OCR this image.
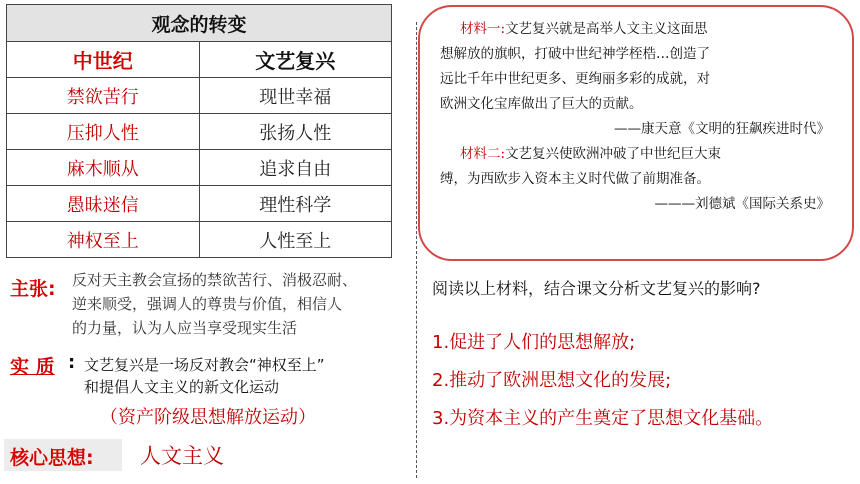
观念的转变	
中世纪	文艺复兴
禁欲苦行	现世幸福
压抑人性	张扬人性
麻木顺从	追求自由
愚昧迷信	理性科学
神权至上	人性至上
主张: 反对天主教会宣扬的禁欲苦行、消极忍耐、
逆来顺受，强调人的尊贵与价值，相信人
的力量，认为人应当享受现实生活
实 质 : 文艺复兴是一场反对教会“神权至上”
和提倡人文主义的新文化运动
（资产阶级思想解放运动）
核心思想: 人文主义
材料一:文艺复兴就是高举人文主义这面思
想解放的旗帜，打破中世纪神学桎梏…创造了
远比千年中世纪更多、更绚丽多彩的成就，对
欧洲文化宝库做出了巨大的贡献。
——康天意《文明的狂飙疾进时代》
材料二:文艺复兴使欧洲冲破了中世纪巨大束
缚，为西欧步入资本主义时代做了前期准备。
———刘德斌《国际关系史》
阅读以上材料，结合课文分析文艺复兴的影响?
1.促进了人们的思想解放;
2.推动了欧洲思想文化的发展;
3.为资本主义的产生奠定了思想文化基础。
